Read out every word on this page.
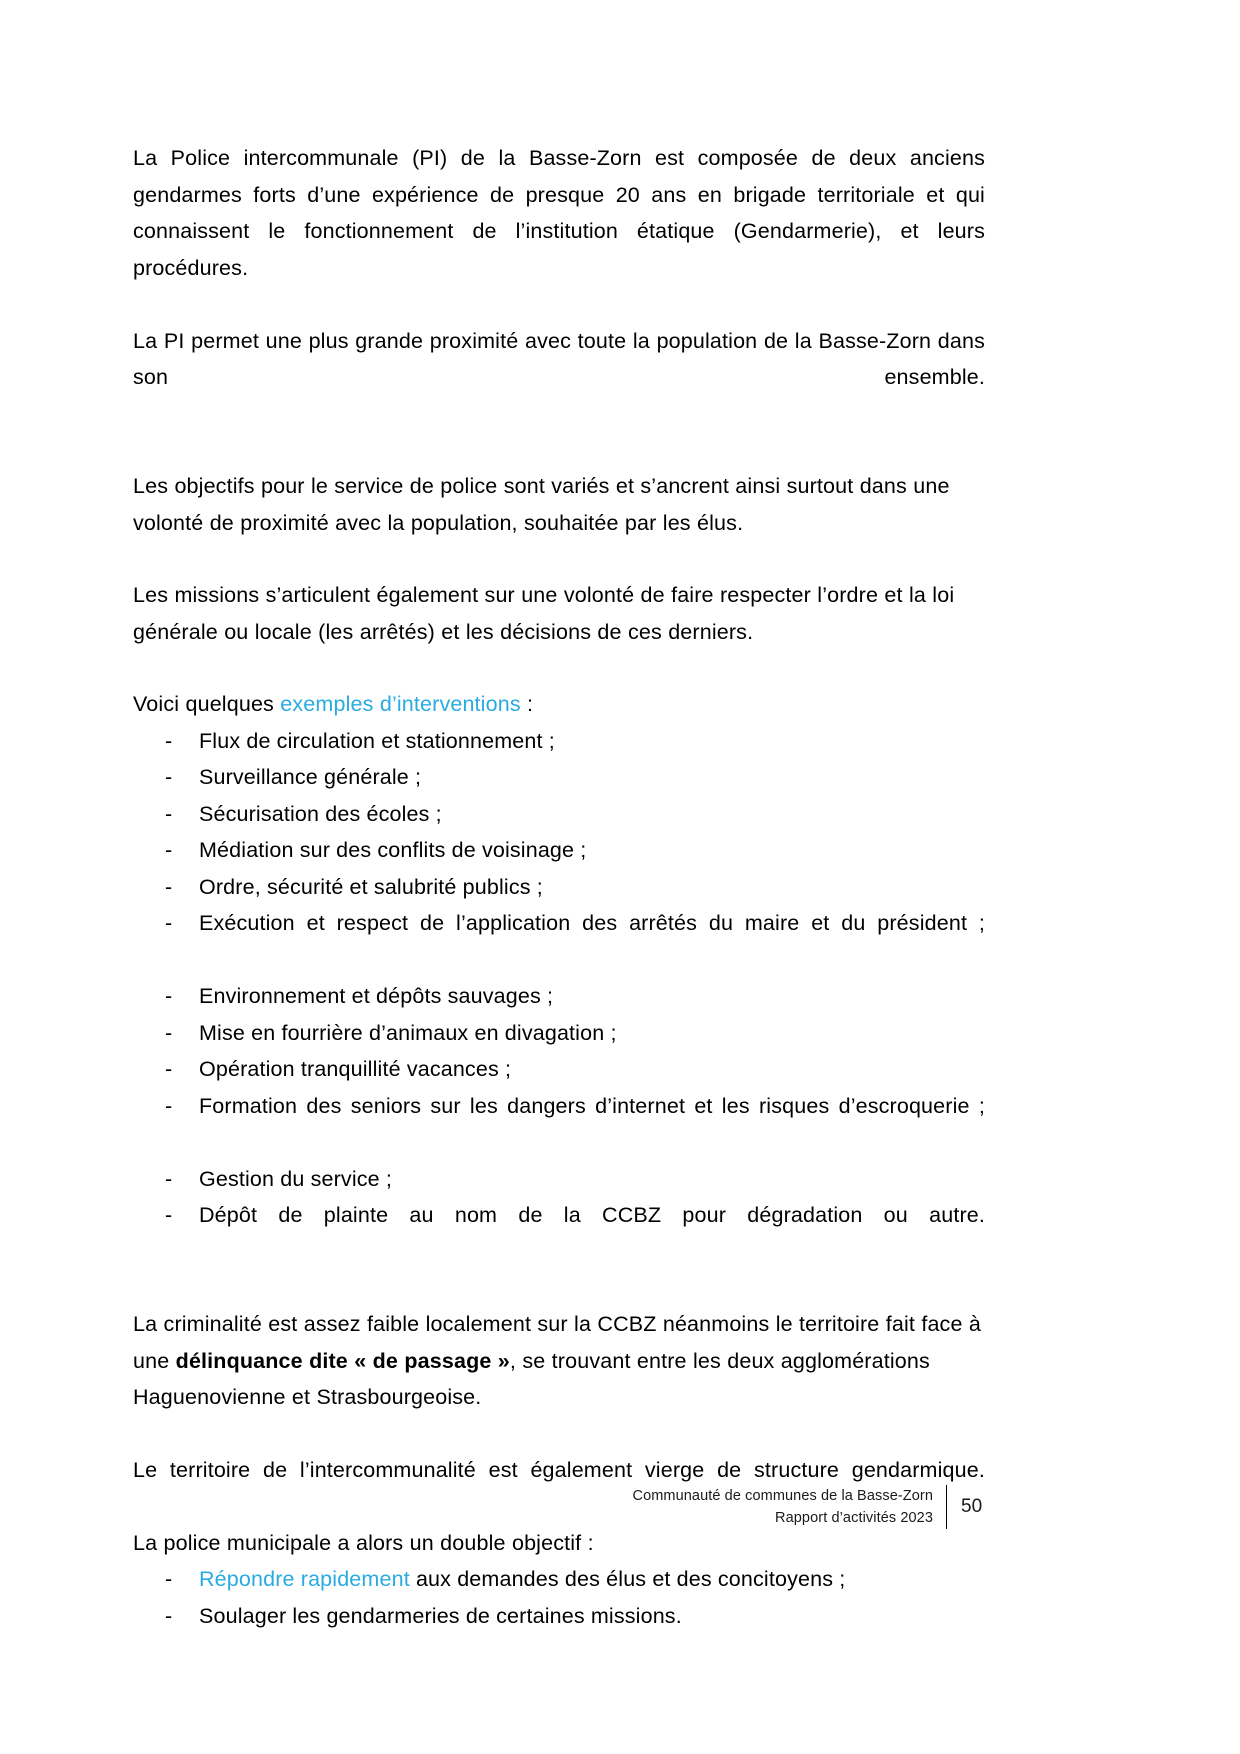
La Police intercommunale (PI) de la Basse-Zorn est composée de deux anciens gendarmes forts d’une expérience de presque 20 ans en brigade territoriale et qui connaissent le fonctionnement de l’institution étatique (Gendarmerie), et leurs procédures.

La PI permet une plus grande proximité avec toute la population de la Basse-Zorn dans son ensemble.

Les objectifs pour le service de police sont variés et s’ancrent ainsi surtout dans une volonté de proximité avec la population, souhaitée par les élus.

Les missions s’articulent également sur une volonté de faire respecter l’ordre et la loi générale ou locale (les arrêtés) et les décisions de ces derniers.

Voici quelques exemples d’interventions :

- Flux de circulation et stationnement ;
- Surveillance générale ;
- Sécurisation des écoles ;
- Médiation sur des conflits de voisinage ;
- Ordre, sécurité et salubrité publics ;
- Exécution et respect de l’application des arrêtés du maire et du président ;
- Environnement et dépôts sauvages ;
- Mise en fourrière d’animaux en divagation ;
- Opération tranquillité vacances ;
- Formation des seniors sur les dangers d’internet et les risques d’escroquerie ;
- Gestion du service ;
- Dépôt de plainte au nom de la CCBZ pour dégradation ou autre.

La criminalité est assez faible localement sur la CCBZ néanmoins le territoire fait face à une délinquance dite « de passage », se trouvant entre les deux agglomérations Haguenovienne et Strasbourgeoise.

Le territoire de l’intercommunalité est également vierge de structure gendarmique.

La police municipale a alors un double objectif :

- Répondre rapidement aux demandes des élus et des concitoyens ;
- Soulager les gendarmeries de certaines missions.
Communauté de communes de la Basse-Zorn
Rapport d’activités 2023
50
